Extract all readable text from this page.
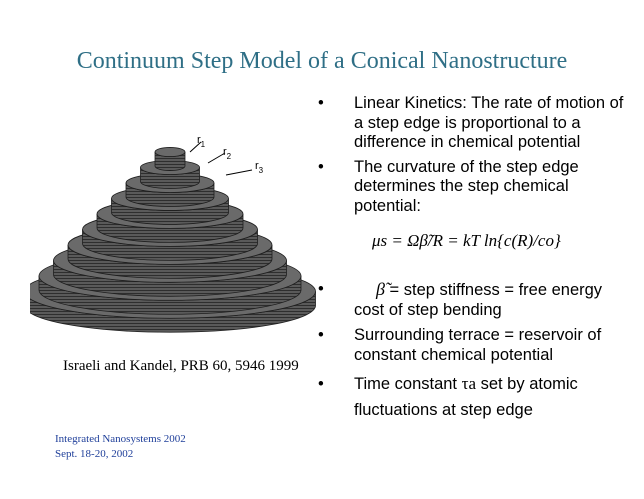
Continuum Step Model of a Conical Nanostructure
$r_1$
$r_2$
$r_3$
Israeli and Kandel, PRB 60, 5946 1999
Integrated Nanosystems 2002
Sept. 18-20, 2002
• Linear Kinetics: The rate of motion of a step edge is proportional to a difference in chemical potential
• The curvature of the step edge determines the step chemical potential:
μs = Ωβ̃/R = kT ln{c(R)/co}
•	β̃ = step stiffness = free energy cost of step bending
• Surrounding terrace = reservoir of constant chemical potential
• Time constant τa set by atomic fluctuations at step edge
